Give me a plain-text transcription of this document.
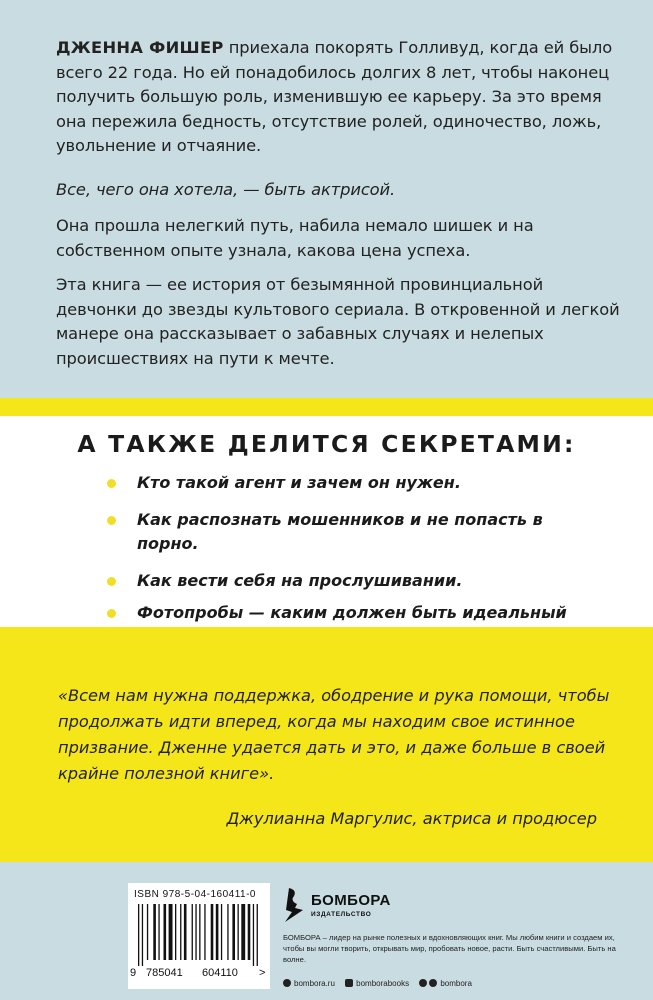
ДЖЕННА ФИШЕР приехала покорять Голливуд, когда ей было всего 22 года. Но ей понадобилось долгих 8 лет, чтобы наконец получить большую роль, изменившую ее карьеру. За это время она пережила бедность, отсутствие ролей, одиночество, ложь, увольнение и отчаяние.

Все, чего она хотела, — быть актрисой.

Она прошла нелегкий путь, набила немало шишек и на собственном опыте узнала, какова цена успеха.

Эта книга — ее история от безымянной провинциальной девчонки до звезды культового сериала. В откровенной и легкой манере она рассказывает о забавных случаях и нелепых происшествиях на пути к мечте.

А ТАКЖЕ ДЕЛИТСЯ СЕКРЕТАМИ:
Кто такой агент и зачем он нужен.
Как распознать мошенников и не попасть в порно.
Как вести себя на прослушивании.
Фотопробы — каким должен быть идеальный

«Всем нам нужна поддержка, ободрение и рука помощи, чтобы продолжать идти вперед, когда мы находим свое истинное призвание. Дженне удается дать и это, и даже больше в своей крайне полезной книге».

Джулианна Маргулис, актриса и продюсер

ISBN 978-5-04-160411-0
9 785041 604110 >
БОМБОРА
ИЗДАТЕЛЬСТВО

БОМБОРА – лидер на рынке полезных и вдохновляющих книг. Мы любим книги и создаем их, чтобы вы могли творить, открывать мир, пробовать новое, расти. Быть счастливыми. Быть на волне.

bombora.ru	bomborabooks	bombora
